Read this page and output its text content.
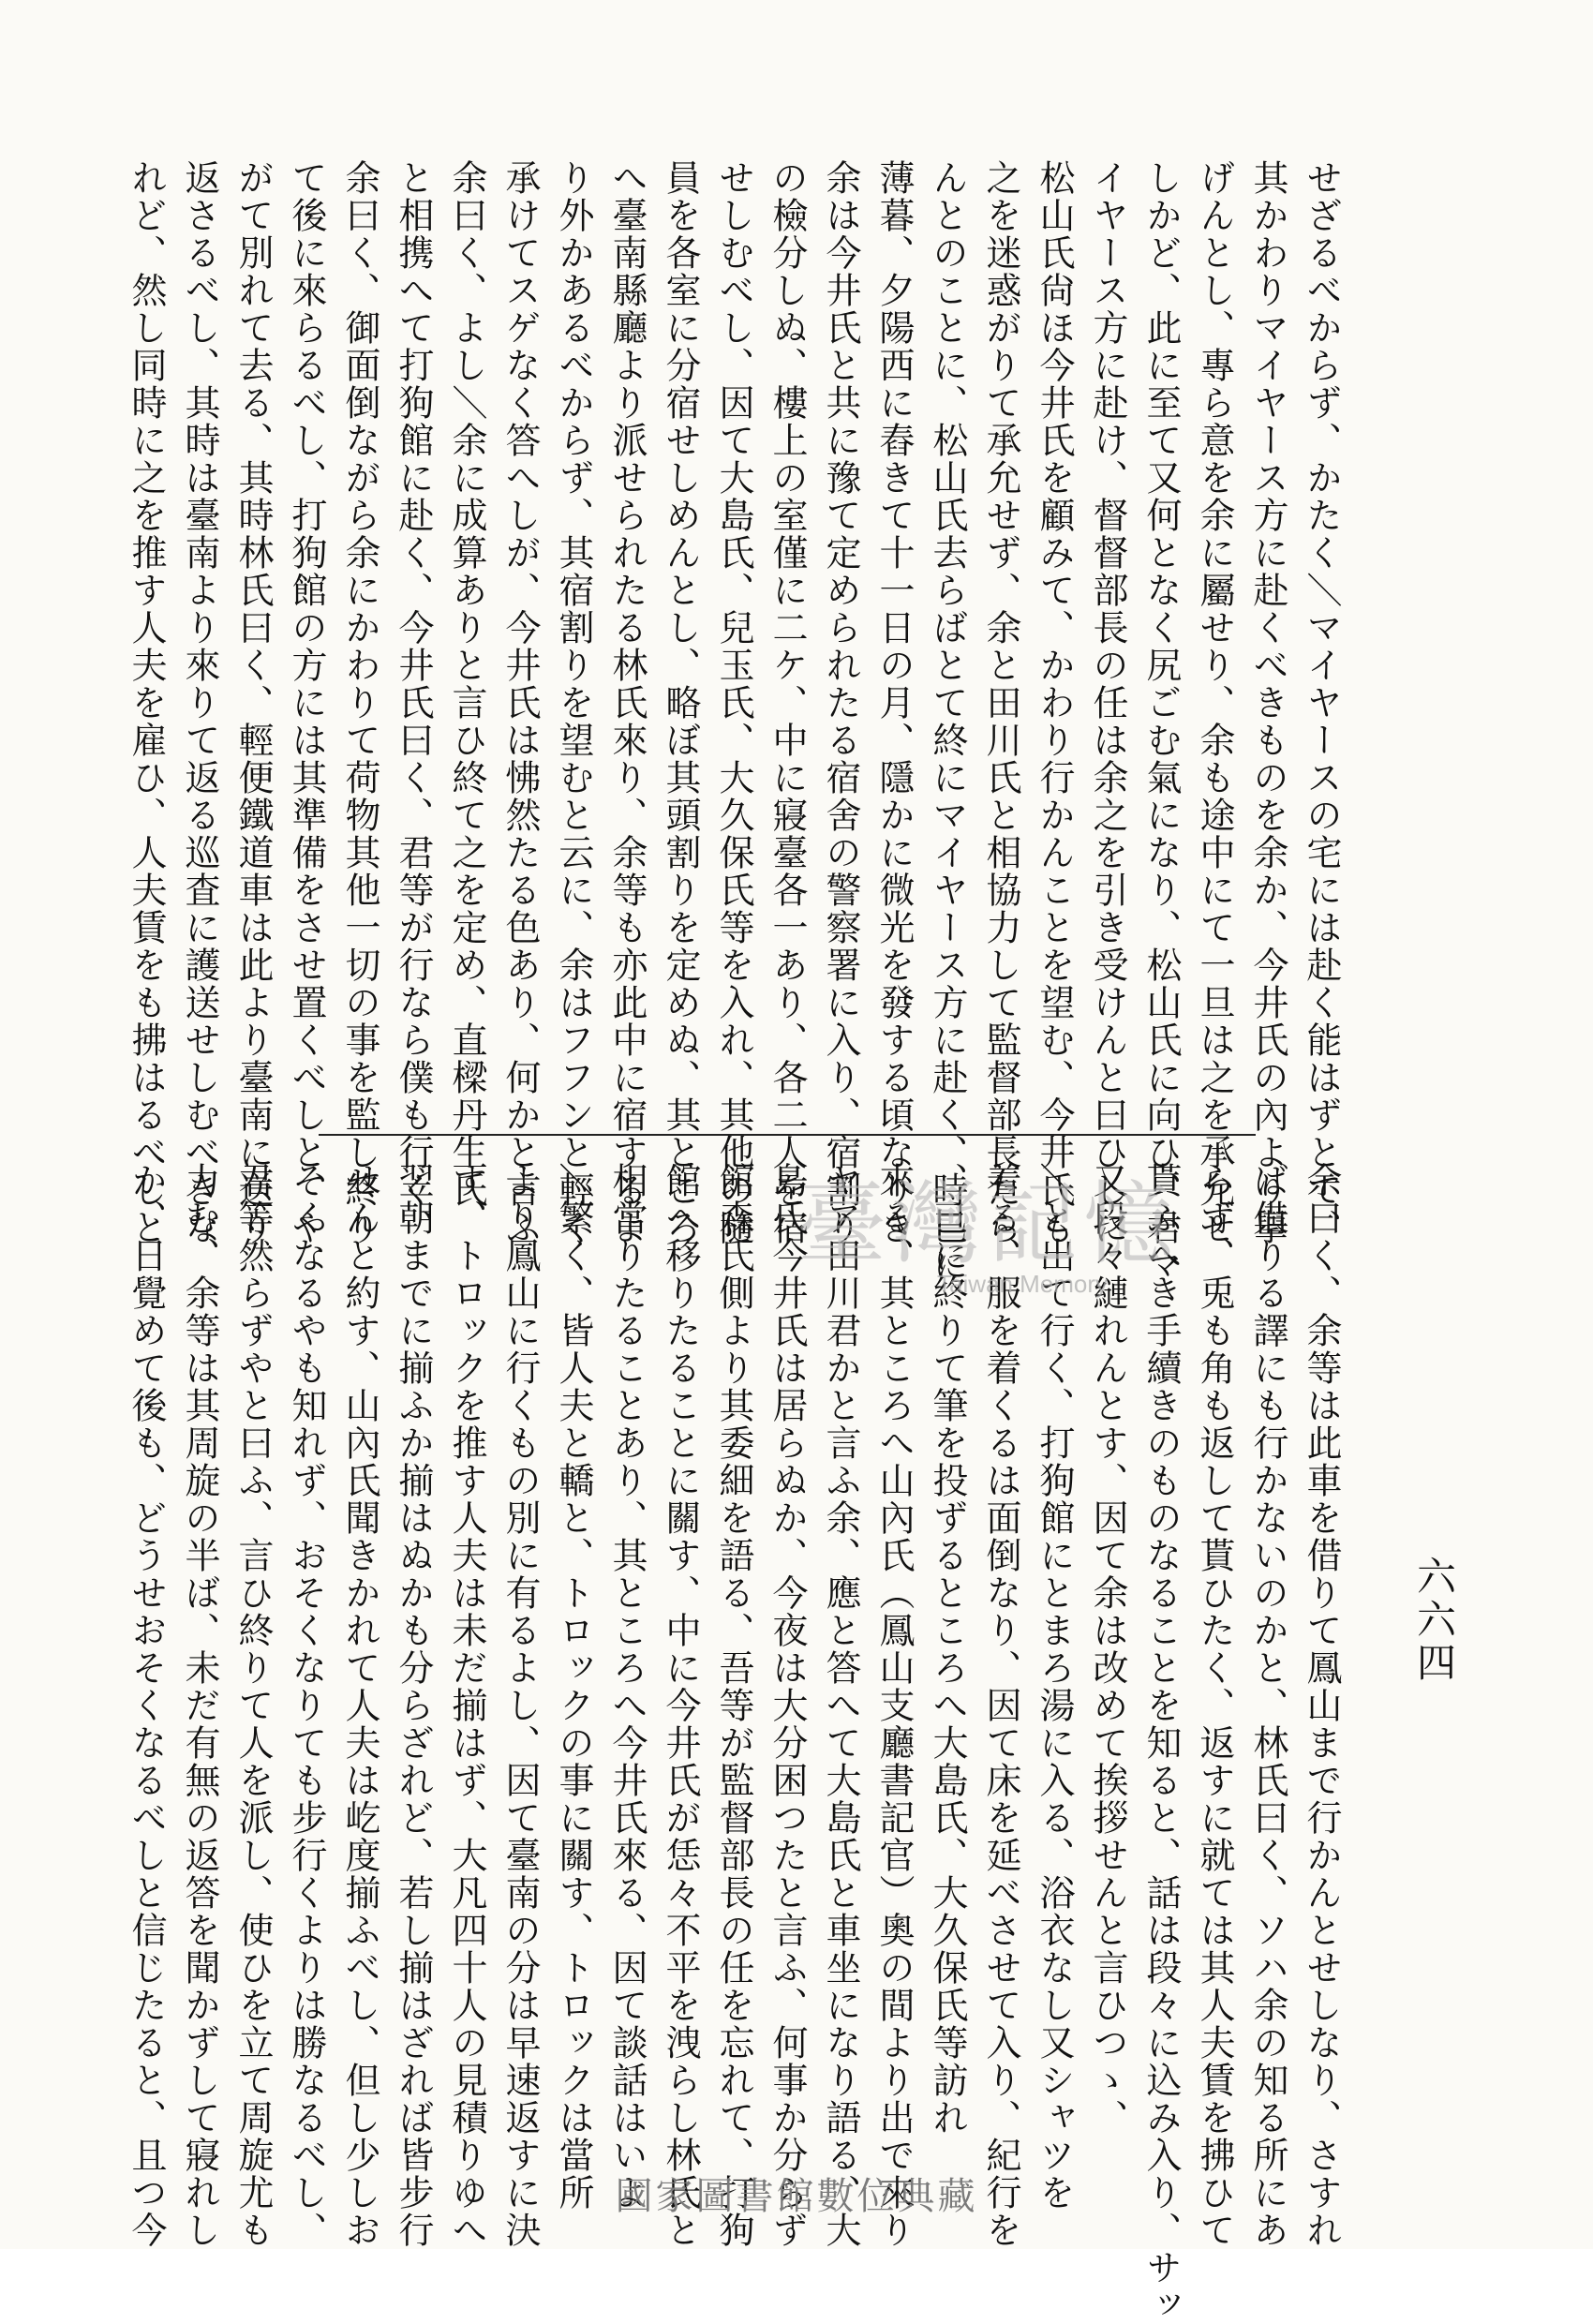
せざるべからず、かたく＼マイヤースの宅には赴く能はずとて、
其かわりマイヤース方に赴くべきものを余か、今井氏の內より擧
げんとし、專ら意を余に屬せり、余も途中にて一旦は之を承允せ
しかど、此に至て又何となく尻ごむ氣になり、松山氏に向ひ、君マ
イヤース方に赴け、督督部長の任は余之を引き受けんと曰ひしに
松山氏尙ほ今井氏を顧みて、かわり行かんことを望む、今井氏も
之を迷惑がりて承允せず、余と田川氏と相協力して監督部長たら
んとのことに、松山氏去らばとて終にマイヤース方に赴く、時已に
薄暮、夕陽西に舂きて十一日の月、隱かに微光を發する頃なりき
余は今井氏と共に豫て定められたる宿舍の警察署に入り、宿割り
の檢分しぬ、樓上の室僅に二ケ、中に寢臺各一あり、各二人を宿
せしむべし、因て大島氏、兒玉氏、大久保氏等を入れ、其他の隨
員を各室に分宿せしめんとし、略ぼ其頭割りを定めぬ、其ところ
へ臺南縣廳より派せられたる林氏來り、余等も亦此中に宿するよ
り外かあるべからず、其宿割りを望むと云に、余はフフンと輕く
承けてスゲなく答へしが、今井氏は怫然たる色あり、何かと言ふ
余曰く、よし＼余に成算ありと言ひ終て之を定め、直樑丹生氏
と相携へて打狗館に赴く、今井氏曰く、君等が行なら僕も行く、
余曰く、御面倒ながら余にかわりて荷物其他一切の事を監し終り
て後に來らるべし、打狗館の方には其準備をさせ置くべしと、や
がて別れて去る、其時林氏曰く、輕便鐵道車は此より臺南に送り
返さるべし、其時は臺南より來りて返る巡査に護送せしむべきな
れど、然し同時に之を推す人夫を雇ひ、人夫賃をも拂はるべしと
余曰く、余等は此車を借りて鳳山まで行かんとせしなり、さすれ
ば借りる譯にも行かないのかと、林氏曰く、ソハ余の知る所にあ
らず、兎も角も返して貰ひたく、返すに就ては其人夫賃を拂ひて
貰ふへき手續きのものなることを知ると、話は段々に込み入り、サッ
又段々縺れんとす、因て余は改めて挨拶せんと言ひつゝ、
＼と出て行く、打狗館にとまろ湯に入る、浴衣なし又シャツを
着る、服を着くるは面倒なり、因て床を延べさせて入り、紀行を
、已に終りて筆を投ずるところへ大島氏、大久保氏等訪れ
來る、其ところへ山內氏（鳳山支廳書記官）奧の間より出で來り
ヤア田川君かと言ふ余、應と答へて大島氏と車坐になり語る、大
島氏今井氏は居らぬか、今夜は大分困つたと言ふ、何事か分らず
館森氏側より其委細を語る、吾等が監督部長の任を忘れて、打狗
館へ移りたることに關す、中に今井氏が恁々不平を洩らし林氏と
相當りたることあり、其ところへ今井氏來る、因て談話はいよ
＼繁く、皆人夫と轎と、トロックの事に關す、トロックは當所
より鳳山に行くもの別に有るよし、因て臺南の分は早速返すに決
す、トロックを推す人夫は未だ揃はず、大凡四十人の見積りゆへ
翌朝までに揃ふか揃はぬかも分らざれど、若し揃はざれば皆步行
せんと約す、山內氏聞きかれて人夫は屹度揃ふべし、但し少しお
そくなるやも知れず、おそくなりても步行くよりは勝なるべし、
君等然らずやと曰ふ、言ひ終りて人を派し、使ひを立て周旋尤も
力む、余等は其周旋の半ば、未だ有無の返答を聞かずして寢れし
か、日覺めて後も、どうせおそくなるべしと信じたると、且つ今	六六四
臺灣記憶
Taiwan Memory
國家圖書館數位典藏
